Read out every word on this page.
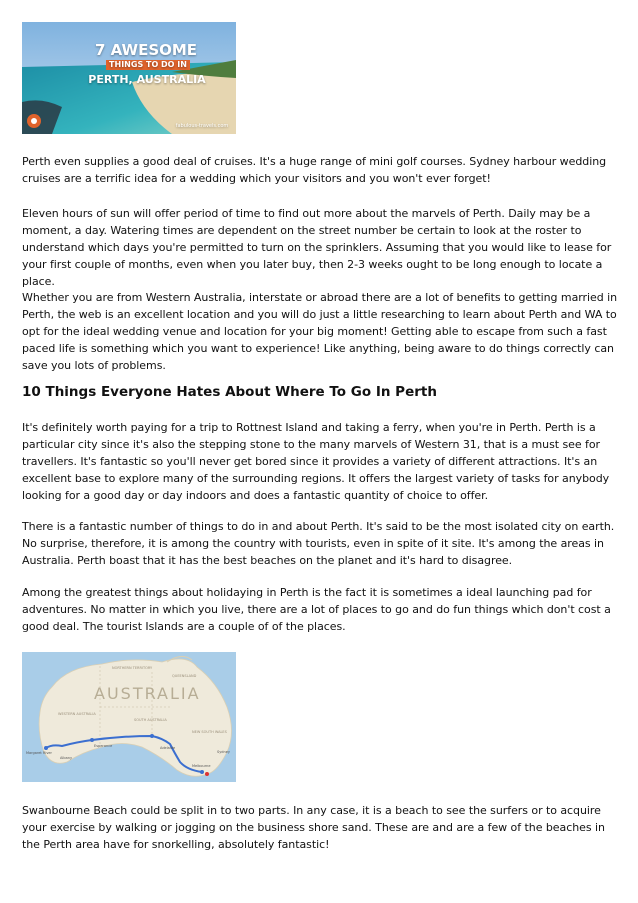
7 AWESOME
THINGS TO DO IN
PERTH, AUSTRALIA
fabulous-travels.com

Perth even supplies a good deal of cruises. It's a huge range of mini golf courses. Sydney harbour wedding cruises are a terrific idea for a wedding which your visitors and you won't ever forget!

Eleven hours of sun will offer period of time to find out more about the marvels of Perth. Daily may be a moment, a day. Watering times are dependent on the street number be certain to look at the roster to understand which days you're permitted to turn on the sprinklers. Assuming that you would like to lease for your first couple of months, even when you later buy, then 2-3 weeks ought to be long enough to locate a place.

Whether you are from Western Australia, interstate or abroad there are a lot of benefits to getting married in Perth, the web is an excellent location and you will do just a little researching to learn about Perth and WA to opt for the ideal wedding venue and location for your big moment! Getting able to escape from such a fast paced life is something which you want to experience! Like anything, being aware to do things correctly can save you lots of problems.

10 Things Everyone Hates About Where To Go In Perth

It's definitely worth paying for a trip to Rottnest Island and taking a ferry, when you're in Perth. Perth is a particular city since it's also the stepping stone to the many marvels of Western 31, that is a must see for travellers. It's fantastic so you'll never get bored since it provides a variety of different attractions. It's an excellent base to explore many of the surrounding regions. It offers the largest variety of tasks for anybody looking for a good day or day indoors and does a fantastic quantity of choice to offer.

There is a fantastic number of things to do in and about Perth. It's said to be the most isolated city on earth. No surprise, therefore, it is among the country with tourists, even in spite of it site. It's among the areas in Australia. Perth boast that it has the best beaches on the planet and it's hard to disagree.

Among the greatest things about holidaying in Perth is the fact it is sometimes a ideal launching pad for adventures. No matter in which you live, there are a lot of places to go and do fun things which don't cost a good deal. The tourist Islands are a couple of of the places.

Swanbourne Beach could be split in to two parts. In any case, it is a beach to see the surfers or to acquire your exercise by walking or jogging on the business shore sand. These are and are a few of the beaches in the Perth area have for snorkelling, absolutely fantastic!

AUSTRALIA
NORTHERN TERRITORY
QUEENSLAND
WESTERN AUSTRALIA
SOUTH AUSTRALIA
NEW SOUTH WALES
Margaret River
Albany
Esperance	Adelaide
Melbourne
Sydney
